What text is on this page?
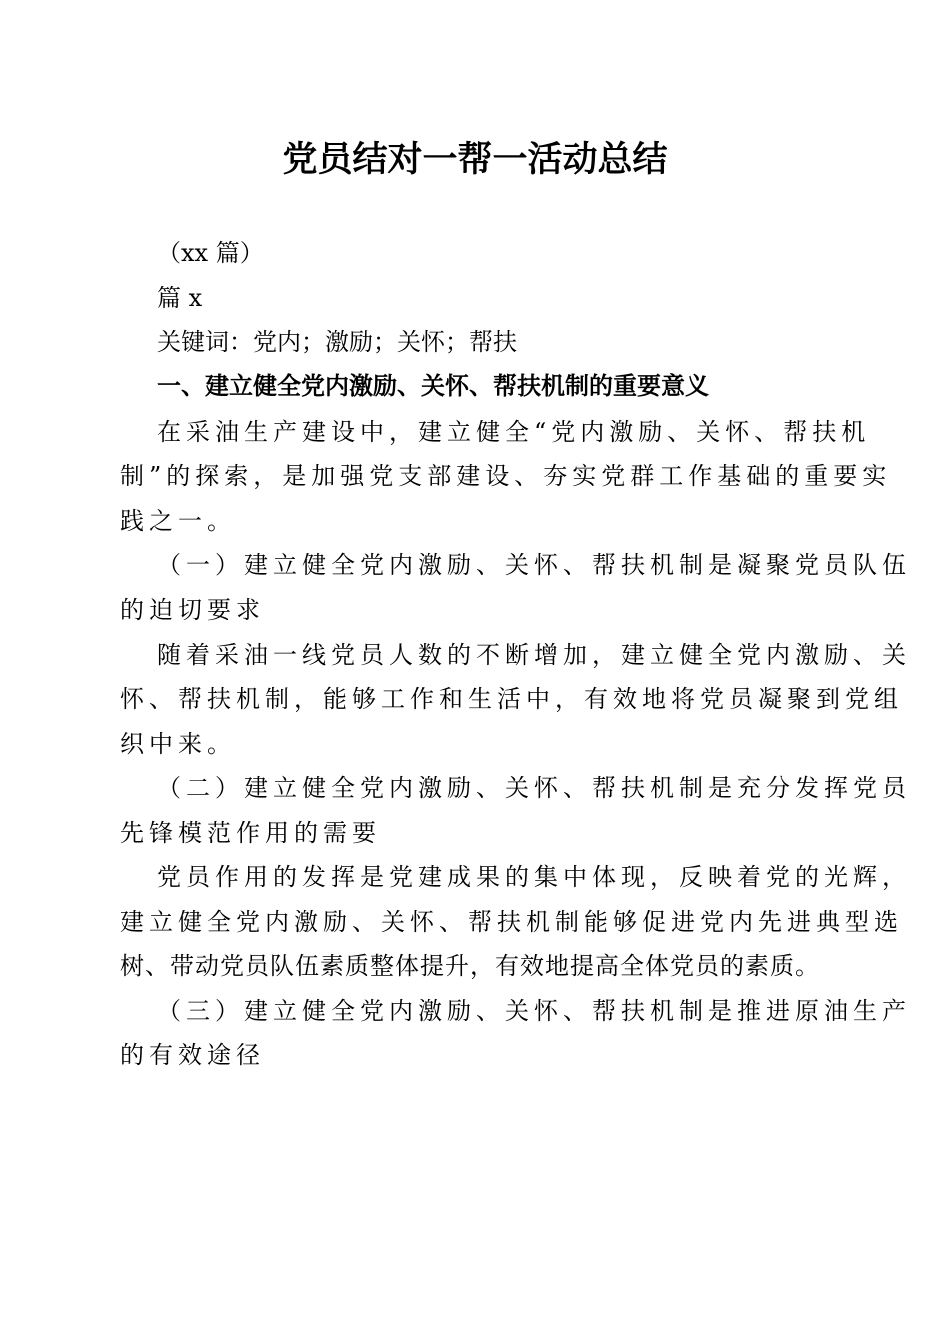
党员结对一帮一活动总结
（xx 篇）
篇 x
关键词：党内；激励；关怀；帮扶
一、建立健全党内激励、关怀、帮扶机制的重要意义
在采油生产建设中，建立健全“党内激励、关怀、帮扶机
制”的探索，是加强党支部建设、夯实党群工作基础的重要实
践之一。
（一）建立健全党内激励、关怀、帮扶机制是凝聚党员队伍
的迫切要求
随着采油一线党员人数的不断增加，建立健全党内激励、关
怀、帮扶机制，能够工作和生活中，有效地将党员凝聚到党组
织中来。
（二）建立健全党内激励、关怀、帮扶机制是充分发挥党员
先锋模范作用的需要
党员作用的发挥是党建成果的集中体现，反映着党的光辉，
建立健全党内激励、关怀、帮扶机制能够促进党内先进典型选
树、带动党员队伍素质整体提升，有效地提高全体党员的素质。
（三）建立健全党内激励、关怀、帮扶机制是推进原油生产
的有效途径
